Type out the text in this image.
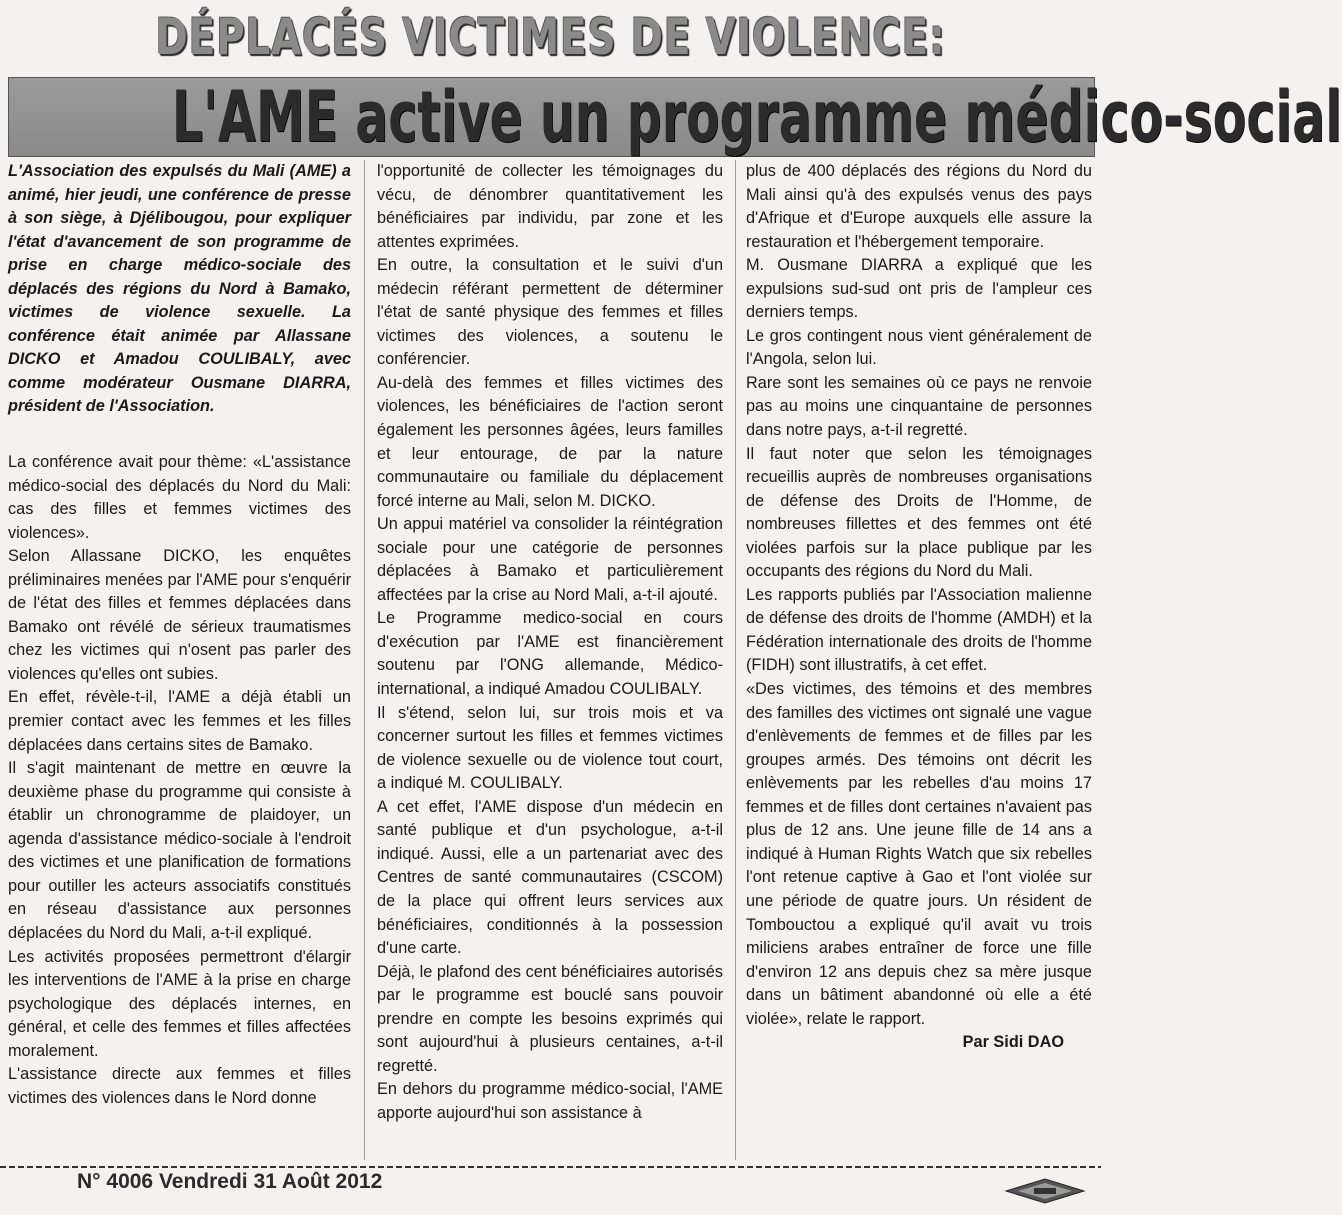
DÉPLACÉS VICTIMES DE VIOLENCE:
L'AME active un programme médico-social

L'Association des expulsés du Mali (AME) a animé, hier jeudi, une conférence de presse à son siège, à Djélibougou, pour expliquer l'état d'avancement de son programme de prise en charge médico-sociale des déplacés des régions du Nord à Bamako, victimes de violence sexuelle. La conférence était animée par Allassane DICKO et Amadou COULIBALY, avec comme modérateur Ousmane DIARRA, président de l'Association.

La conférence avait pour thème: «L'assistance médico-social des déplacés du Nord du Mali: cas des filles et femmes victimes des violences».

Selon Allassane DICKO, les enquêtes préliminaires menées par l'AME pour s'enquérir de l'état des filles et femmes déplacées dans Bamako ont révélé de sérieux traumatismes chez les victimes qui n'osent pas parler des violences qu'elles ont subies.

En effet, révèle-t-il, l'AME a déjà établi un premier contact avec les femmes et les filles déplacées dans certains sites de Bamako.

Il s'agit maintenant de mettre en œuvre la deuxième phase du programme qui consiste à établir un chronogramme de plaidoyer, un agenda d'assistance médico-sociale à l'endroit des victimes et une planification de formations pour outiller les acteurs associatifs constitués en réseau d'assistance aux personnes déplacées du Nord du Mali, a-t-il expliqué.

Les activités proposées permettront d'élargir les interventions de l'AME à la prise en charge psychologique des déplacés internes, en général, et celle des femmes et filles affectées moralement.

L'assistance directe aux femmes et filles victimes des violences dans le Nord donne

l'opportunité de collecter les témoignages du vécu, de dénombrer quantitativement les bénéficiaires par individu, par zone et les attentes exprimées.

En outre, la consultation et le suivi d'un médecin référant permettent de déterminer l'état de santé physique des femmes et filles victimes des violences, a soutenu le conférencier.

Au-delà des femmes et filles victimes des violences, les bénéficiaires de l'action seront également les personnes âgées, leurs familles et leur entourage, de par la nature communautaire ou familiale du déplacement forcé interne au Mali, selon M. DICKO.

Un appui matériel va consolider la réintégration sociale pour une catégorie de personnes déplacées à Bamako et particulièrement affectées par la crise au Nord Mali, a-t-il ajouté.

Le Programme medico-social en cours d'exécution par l'AME est financièrement soutenu par l'ONG allemande, Médico-international, a indiqué Amadou COULIBALY.

Il s'étend, selon lui, sur trois mois et va concerner surtout les filles et femmes victimes de violence sexuelle ou de violence tout court, a indiqué M. COULIBALY.

A cet effet, l'AME dispose d'un médecin en santé publique et d'un psychologue, a-t-il indiqué. Aussi, elle a un partenariat avec des Centres de santé communautaires (CSCOM) de la place qui offrent leurs services aux bénéficiaires, conditionnés à la possession d'une carte.

Déjà, le plafond des cent bénéficiaires autorisés par le programme est bouclé sans pouvoir prendre en compte les besoins exprimés qui sont aujourd'hui à plusieurs centaines, a-t-il regretté.

En dehors du programme médico-social, l'AME apporte aujourd'hui son assistance à

plus de 400 déplacés des régions du Nord du Mali ainsi qu'à des expulsés venus des pays d'Afrique et d'Europe auxquels elle assure la restauration et l'hébergement temporaire.

M. Ousmane DIARRA a expliqué que les expulsions sud-sud ont pris de l'ampleur ces derniers temps.

Le gros contingent nous vient généralement de l'Angola, selon lui.

Rare sont les semaines où ce pays ne renvoie pas au moins une cinquantaine de personnes dans notre pays, a-t-il regretté.

Il faut noter que selon les témoignages recueillis auprès de nombreuses organisations de défense des Droits de l'Homme, de nombreuses fillettes et des femmes ont été violées parfois sur la place publique par les occupants des régions du Nord du Mali.

Les rapports publiés par l'Association malienne de défense des droits de l'homme (AMDH) et la Fédération internationale des droits de l'homme (FIDH) sont illustratifs, à cet effet.

«Des victimes, des témoins et des membres des familles des victimes ont signalé une vague d'enlèvements de femmes et de filles par les groupes armés. Des témoins ont décrit les enlèvements par les rebelles d'au moins 17 femmes et de filles dont certaines n'avaient pas plus de 12 ans. Une jeune fille de 14 ans a indiqué à Human Rights Watch que six rebelles l'ont retenue captive à Gao et l'ont violée sur une période de quatre jours. Un résident de Tombouctou a expliqué qu'il avait vu trois miliciens arabes entraîner de force une fille d'environ 12 ans depuis chez sa mère jusque dans un bâtiment abandonné où elle a été violée», relate le rapport.

Par Sidi DAO

N° 4006 Vendredi 31 Août 2012
